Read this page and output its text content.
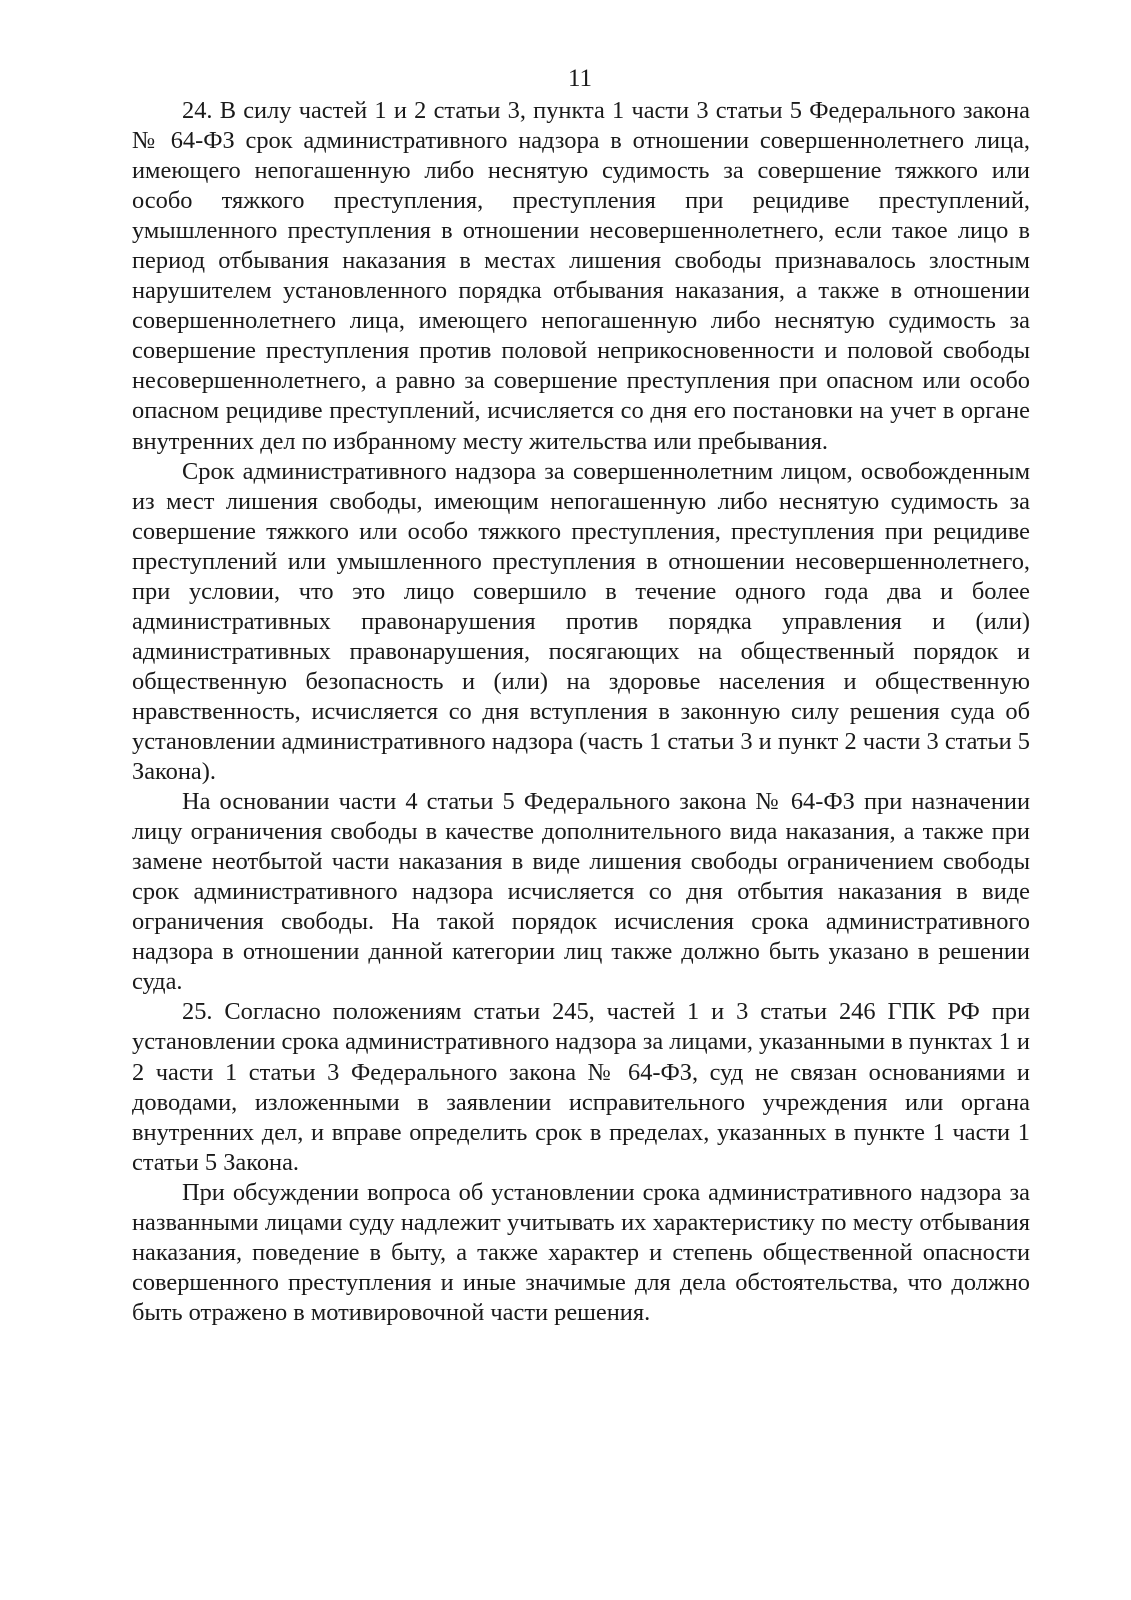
11

24. В силу частей 1 и 2 статьи 3, пункта 1 части 3 статьи 5 Федерального закона № 64-ФЗ срок административного надзора в отношении совершеннолетнего лица, имеющего непогашенную либо неснятую судимость за совершение тяжкого или особо тяжкого преступления, преступления при рецидиве преступлений, умышленного преступления в отношении несовершеннолетнего, если такое лицо в период отбывания наказания в местах лишения свободы признавалось злостным нарушителем установленного порядка отбывания наказания, а также в отношении совершеннолетнего лица, имеющего непогашенную либо неснятую судимость за совершение преступления против половой неприкосновенности и половой свободы несовершеннолетнего, а равно за совершение преступления при опасном или особо опасном рецидиве преступлений, исчисляется со дня его постановки на учет в органе внутренних дел по избранному месту жительства или пребывания.

Срок административного надзора за совершеннолетним лицом, освобожденным из мест лишения свободы, имеющим непогашенную либо неснятую судимость за совершение тяжкого или особо тяжкого преступления, преступления при рецидиве преступлений или умышленного преступления в отношении несовершеннолетнего, при условии, что это лицо совершило в течение одного года два и более административных правонарушения против порядка управления и (или) административных правонарушения, посягающих на общественный порядок и общественную безопасность и (или) на здоровье населения и общественную нравственность, исчисляется со дня вступления в законную силу решения суда об установлении административного надзора (часть 1 статьи 3 и пункт 2 части 3 статьи 5 Закона).

На основании части 4 статьи 5 Федерального закона № 64-ФЗ при назначении лицу ограничения свободы в качестве дополнительного вида наказания, а также при замене неотбытой части наказания в виде лишения свободы ограничением свободы срок административного надзора исчисляется со дня отбытия наказания в виде ограничения свободы. На такой порядок исчисления срока административного надзора в отношении данной категории лиц также должно быть указано в решении суда.

25. Согласно положениям статьи 245, частей 1 и 3 статьи 246 ГПК РФ при установлении срока административного надзора за лицами, указанными в пунктах 1 и 2 части 1 статьи 3 Федерального закона № 64-ФЗ, суд не связан основаниями и доводами, изложенными в заявлении исправительного учреждения или органа внутренних дел, и вправе определить срок в пределах, указанных в пункте 1 части 1 статьи 5 Закона.

При обсуждении вопроса об установлении срока административного надзора за названными лицами суду надлежит учитывать их характеристику по месту отбывания наказания, поведение в быту, а также характер и степень общественной опасности совершенного преступления и иные значимые для дела обстоятельства, что должно быть отражено в мотивировочной части решения.
